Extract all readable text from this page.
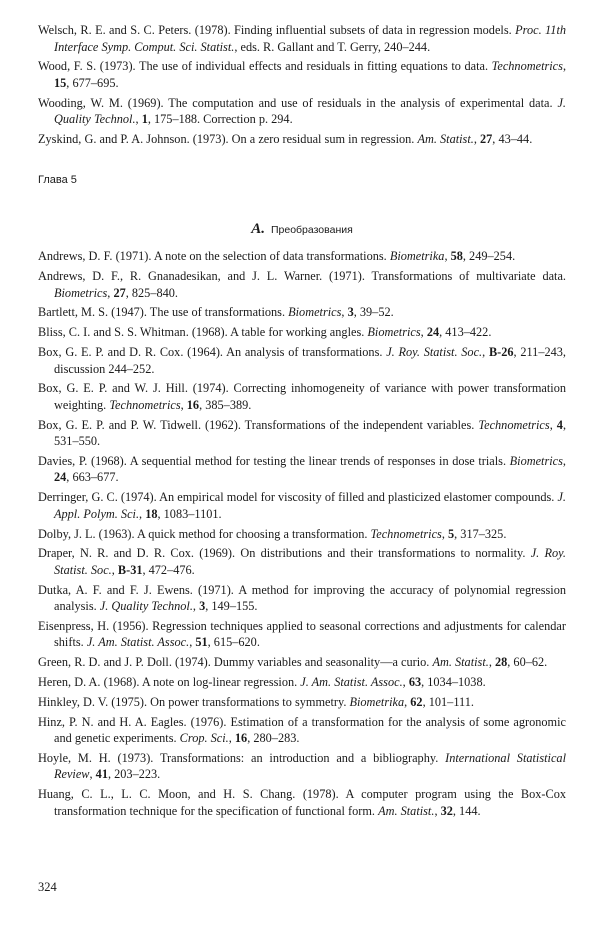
Welsch, R. E. and S. C. Peters. (1978). Finding influential subsets of data in regression models. Proc. 11th Interface Symp. Comput. Sci. Statist., eds. R. Gallant and T. Gerry, 240–244.
Wood, F. S. (1973). The use of individual effects and residuals in fitting equations to data. Technometrics, 15, 677–695.
Wooding, W. M. (1969). The computation and use of residuals in the analysis of experimental data. J. Quality Technol., 1, 175–188. Correction p. 294.
Zyskind, G. and P. A. Johnson. (1973). On a zero residual sum in regression. Am. Statist., 27, 43–44.
Глава 5
А. Преобразования
Andrews, D. F. (1971). A note on the selection of data transformations. Biometrika, 58, 249–254.
Andrews, D. F., R. Gnanadesikan, and J. L. Warner. (1971). Transformations of multivariate data. Biometrics, 27, 825–840.
Bartlett, M. S. (1947). The use of transformations. Biometrics, 3, 39–52.
Bliss, C. I. and S. S. Whitman. (1968). A table for working angles. Biometrics, 24, 413–422.
Box, G. E. P. and D. R. Cox. (1964). An analysis of transformations. J. Roy. Statist. Soc., B-26, 211–243, discussion 244–252.
Box, G. E. P. and W. J. Hill. (1974). Correcting inhomogeneity of variance with power transformation weighting. Technometrics, 16, 385–389.
Box, G. E. P. and P. W. Tidwell. (1962). Transformations of the independent variables. Technometrics, 4, 531–550.
Davies, P. (1968). A sequential method for testing the linear trends of responses in dose trials. Biometrics, 24, 663–677.
Derringer, G. C. (1974). An empirical model for viscosity of filled and plasticized elastomer compounds. J. Appl. Polym. Sci., 18, 1083–1101.
Dolby, J. L. (1963). A quick method for choosing a transformation. Technometrics, 5, 317–325.
Draper, N. R. and D. R. Cox. (1969). On distributions and their transformations to normality. J. Roy. Statist. Soc., B-31, 472–476.
Dutka, A. F. and F. J. Ewens. (1971). A method for improving the accuracy of polynomial regression analysis. J. Quality Technol., 3, 149–155.
Eisenpress, H. (1956). Regression techniques applied to seasonal corrections and adjustments for calendar shifts. J. Am. Statist. Assoc., 51, 615–620.
Green, R. D. and J. P. Doll. (1974). Dummy variables and seasonality—a curio. Am. Statist., 28, 60–62.
Heren, D. A. (1968). A note on log-linear regression. J. Am. Statist. Assoc., 63, 1034–1038.
Hinkley, D. V. (1975). On power transformations to symmetry. Biometrika, 62, 101–111.
Hinz, P. N. and H. A. Eagles. (1976). Estimation of a transformation for the analysis of some agronomic and genetic experiments. Crop. Sci., 16, 280–283.
Hoyle, M. H. (1973). Transformations: an introduction and a bibliography. International Statistical Review, 41, 203–223.
Huang, C. L., L. C. Moon, and H. S. Chang. (1978). A computer program using the Box-Cox transformation technique for the specification of functional form. Am. Statist., 32, 144.
324
